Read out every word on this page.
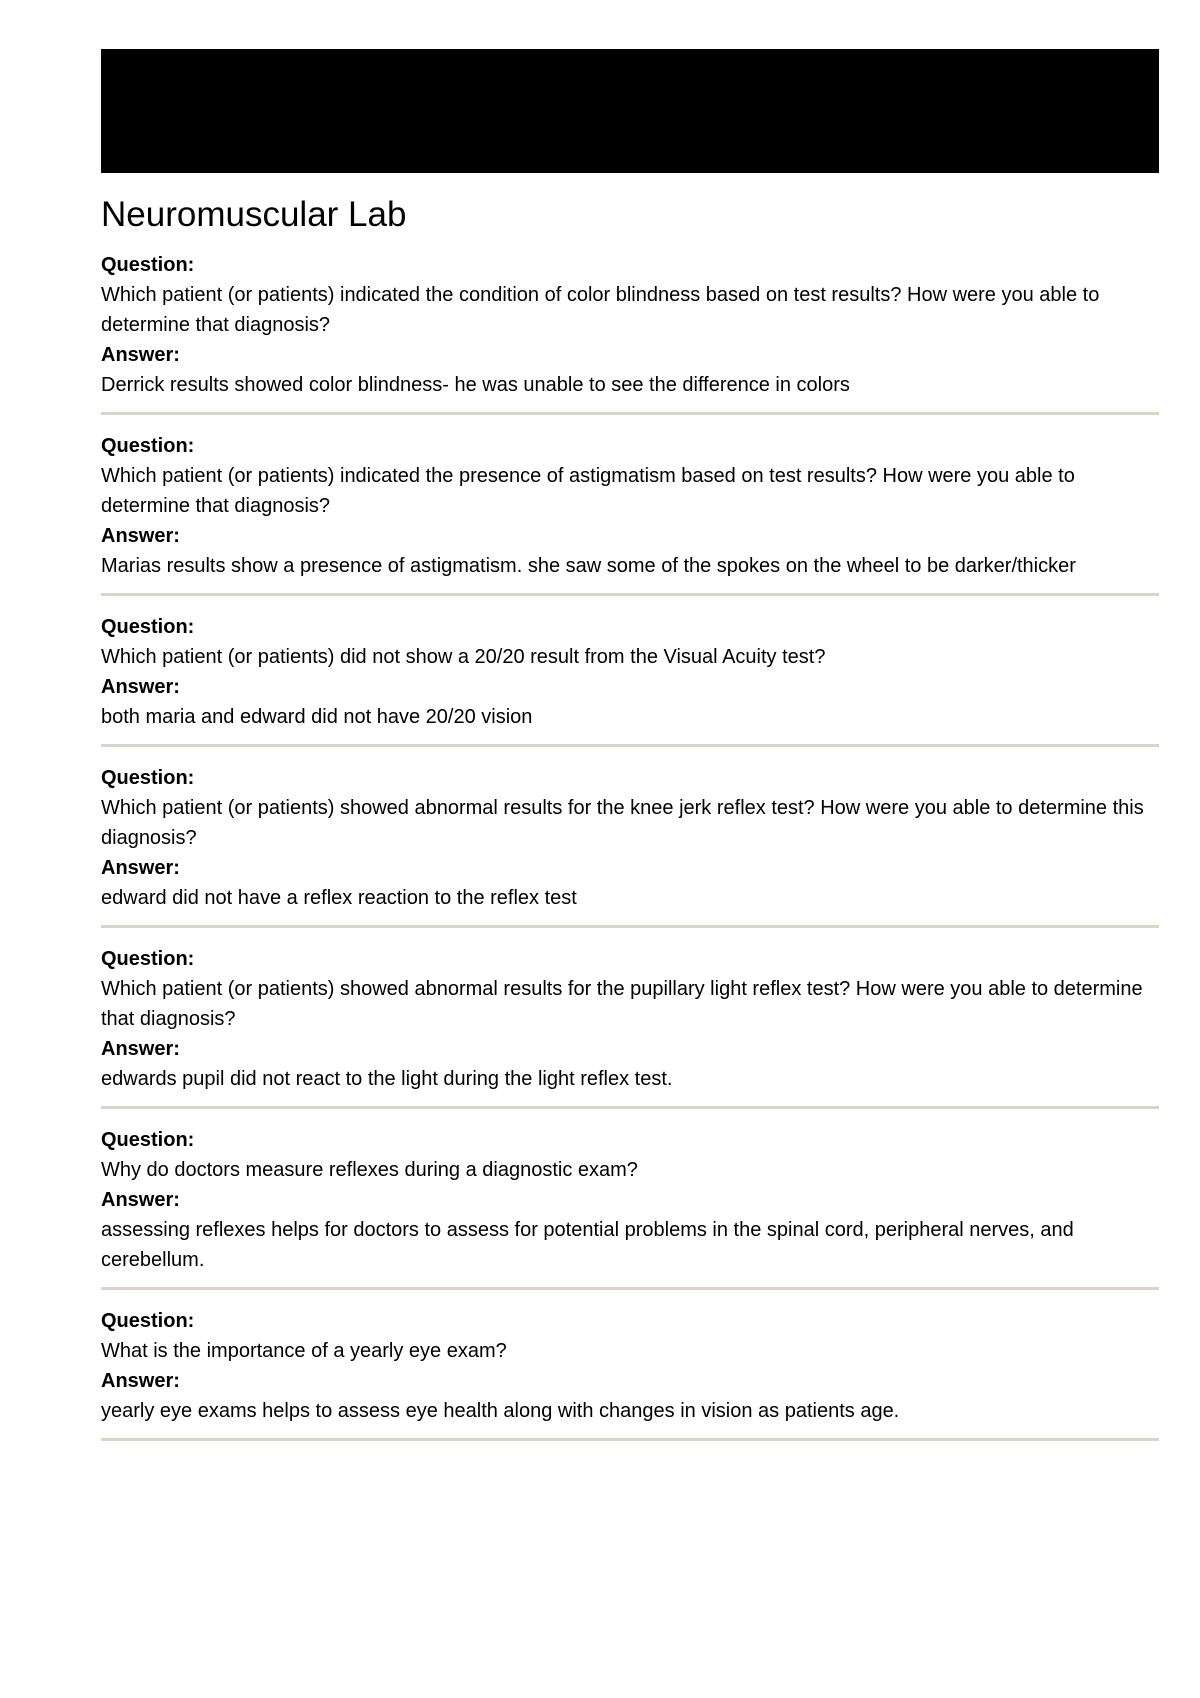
Neuromuscular Lab
Question:
Which patient (or patients) indicated the condition of color blindness based on test results? How were you able to determine that diagnosis?
Answer:
Derrick results showed color blindness- he was unable to see the difference in colors
Question:
Which patient (or patients) indicated the presence of astigmatism based on test results? How were you able to determine that diagnosis?
Answer:
Marias results show a presence of astigmatism. she saw some of the spokes on the wheel to be darker/thicker
Question:
Which patient (or patients) did not show a 20/20 result from the Visual Acuity test?
Answer:
both maria and edward did not have 20/20 vision
Question:
Which patient (or patients) showed abnormal results for the knee jerk reflex test? How were you able to determine this diagnosis?
Answer:
edward did not have a reflex reaction to the reflex test
Question:
Which patient (or patients) showed abnormal results for the pupillary light reflex test? How were you able to determine that diagnosis?
Answer:
edwards pupil did not react to the light during the light reflex test.
Question:
Why do doctors measure reflexes during a diagnostic exam?
Answer:
assessing reflexes helps for doctors to assess for potential problems in the spinal cord, peripheral nerves, and cerebellum.
Question:
What is the importance of a yearly eye exam?
Answer:
yearly eye exams helps to assess eye health along with changes in vision as patients age.
